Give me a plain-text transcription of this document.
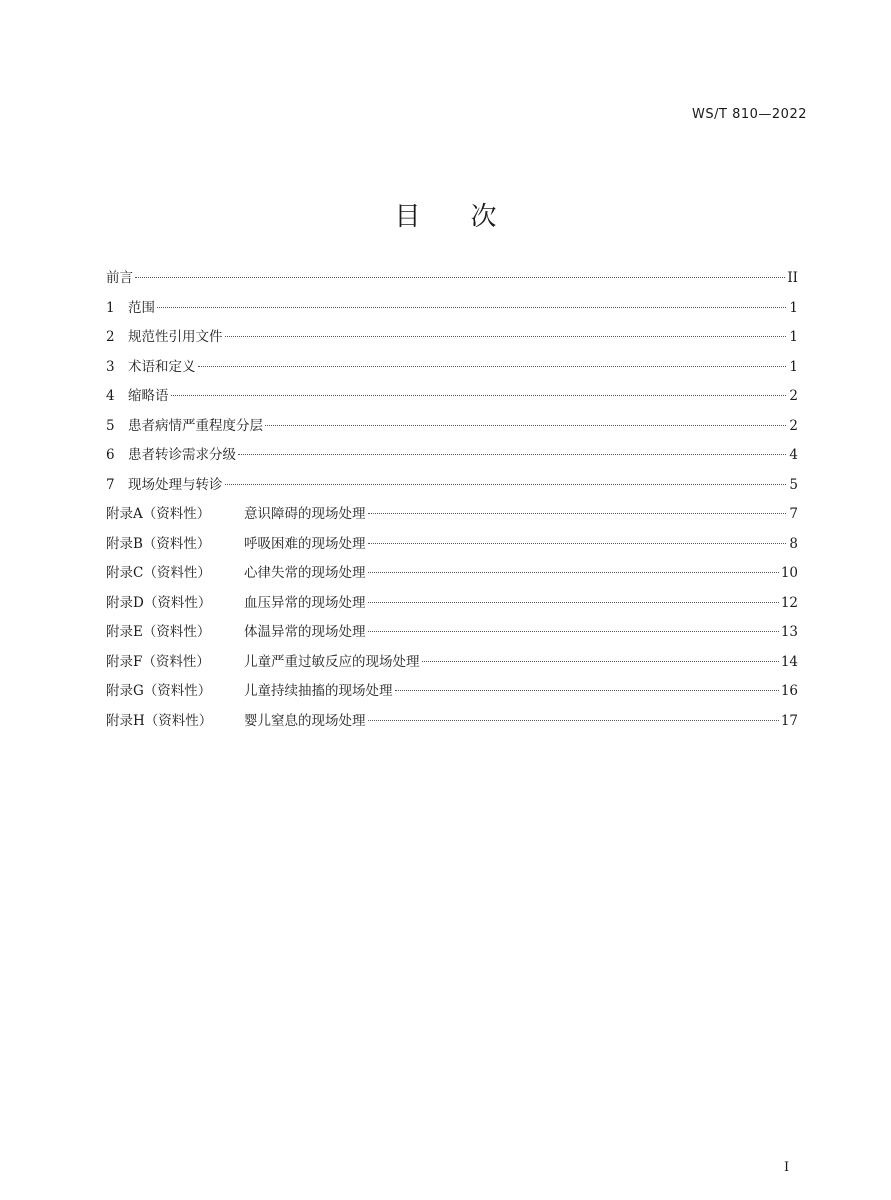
WS/T 810—2022
目 次
前言	II
1 范围	1
2 规范性引用文件	1
3 术语和定义	1
4 缩略语	2
5 患者病情严重程度分层	2
6 患者转诊需求分级	4
7 现场处理与转诊	5
附录A（资料性）	意识障碍的现场处理	7
附录B（资料性）	呼吸困难的现场处理	8
附录C（资料性）	心律失常的现场处理	10
附录D（资料性）	血压异常的现场处理	12
附录E（资料性）	体温异常的现场处理	13
附录F（资料性）	儿童严重过敏反应的现场处理	14
附录G（资料性）	儿童持续抽搐的现场处理	16
附录H（资料性）	婴儿窒息的现场处理	17
I
